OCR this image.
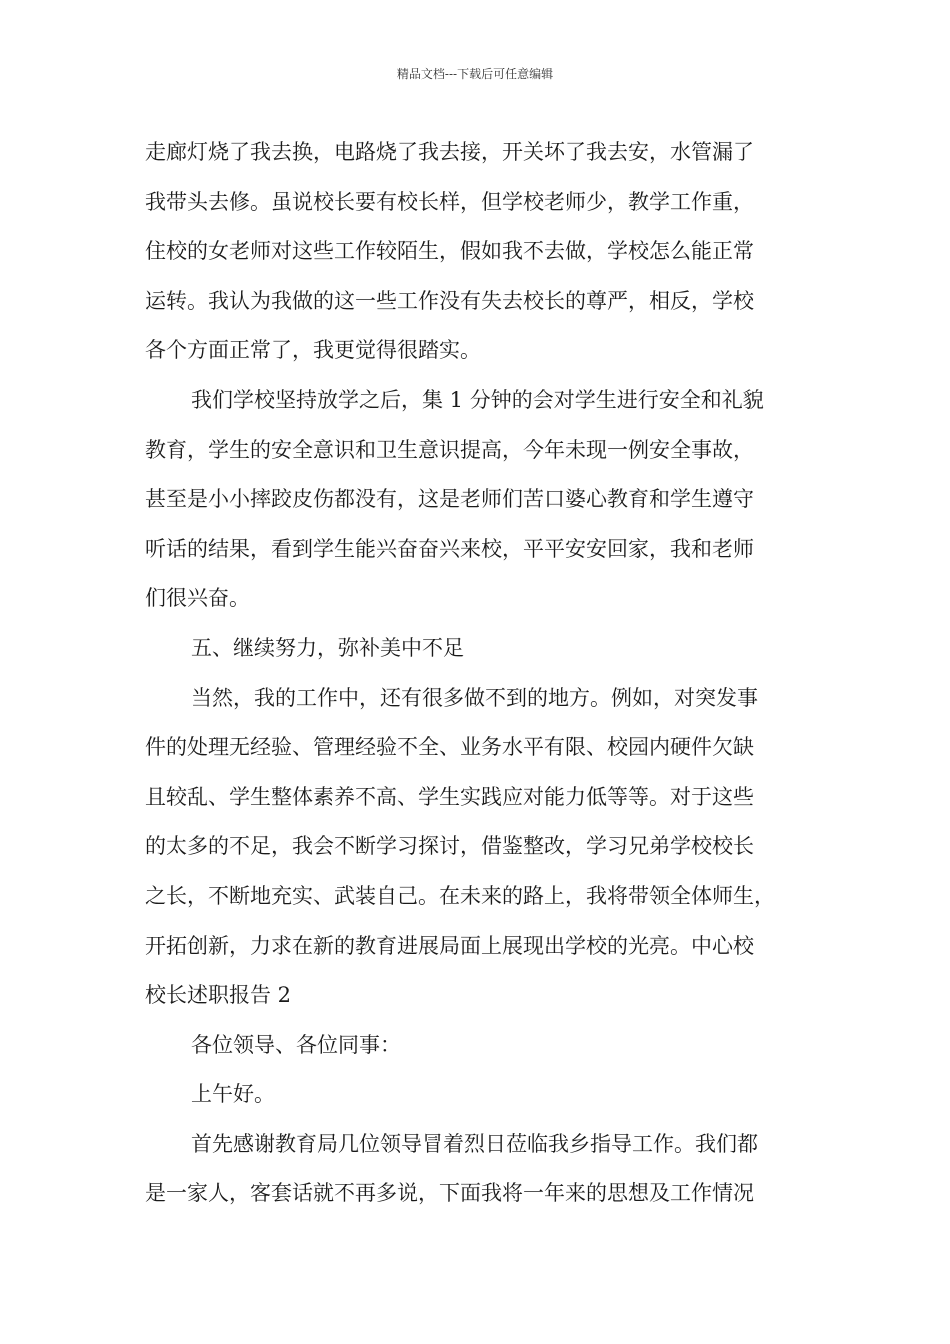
精品文档---下载后可任意编辑
走廊灯烧了我去换，电路烧了我去接，开关坏了我去安，水管漏了
我带头去修。虽说校长要有校长样，但学校老师少，教学工作重，
住校的女老师对这些工作较陌生，假如我不去做，学校怎么能正常
运转。我认为我做的这一些工作没有失去校长的尊严，相反，学校
各个方面正常了，我更觉得很踏实。
我们学校坚持放学之后，集 1 分钟的会对学生进行安全和礼貌
教育，学生的安全意识和卫生意识提高，今年未现一例安全事故，
甚至是小小摔跤皮伤都没有，这是老师们苦口婆心教育和学生遵守
听话的结果，看到学生能兴奋奋兴来校，平平安安回家，我和老师
们很兴奋。
五、继续努力，弥补美中不足
当然，我的工作中，还有很多做不到的地方。例如，对突发事
件的处理无经验、管理经验不全、业务水平有限、校园内硬件欠缺
且较乱、学生整体素养不高、学生实践应对能力低等等。对于这些
的太多的不足，我会不断学习探讨，借鉴整改，学习兄弟学校校长
之长，不断地充实、武装自己。在未来的路上，我将带领全体师生，
开拓创新，力求在新的教育进展局面上展现出学校的光亮。中心校
校长述职报告 2
各位领导、各位同事：
上午好。
首先感谢教育局几位领导冒着烈日莅临我乡指导工作。我们都
是一家人，客套话就不再多说，下面我将一年来的思想及工作情况
